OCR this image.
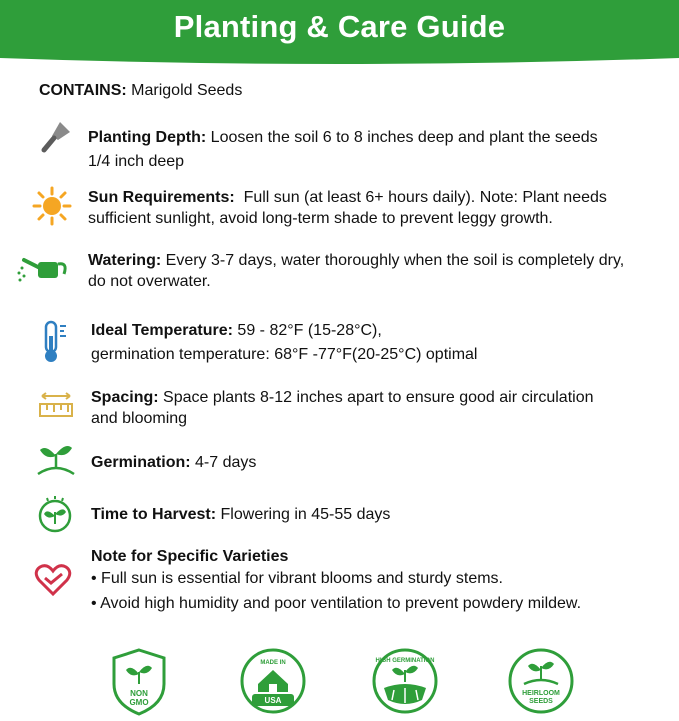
Planting & Care Guide
CONTAINS: Marigold Seeds
Planting Depth: Loosen the soil 6 to 8 inches deep and plant the seeds
1/4 inch deep
Sun Requirements: Full sun (at least 6+ hours daily). Note: Plant needs
sufficient sunlight, avoid long-term shade to prevent leggy growth.
Watering: Every 3-7 days, water thoroughly when the soil is completely dry,
do not overwater.
Ideal Temperature: 59 - 82°F (15-28°C),
germination temperature: 68°F -77°F(20-25°C) optimal
Spacing: Space plants 8-12 inches apart to ensure good air circulation
and blooming
Germination: 4-7 days
Time to Harvest: Flowering in 45-55 days
Note for Specific Varieties
• Full sun is essential for vibrant blooms and sturdy stems.
• Avoid high humidity and poor ventilation to prevent powdery mildew.
NON
GMO
MADE IN
USA
HIGH GERMINATION
HEIRLOOM
SEEDS
